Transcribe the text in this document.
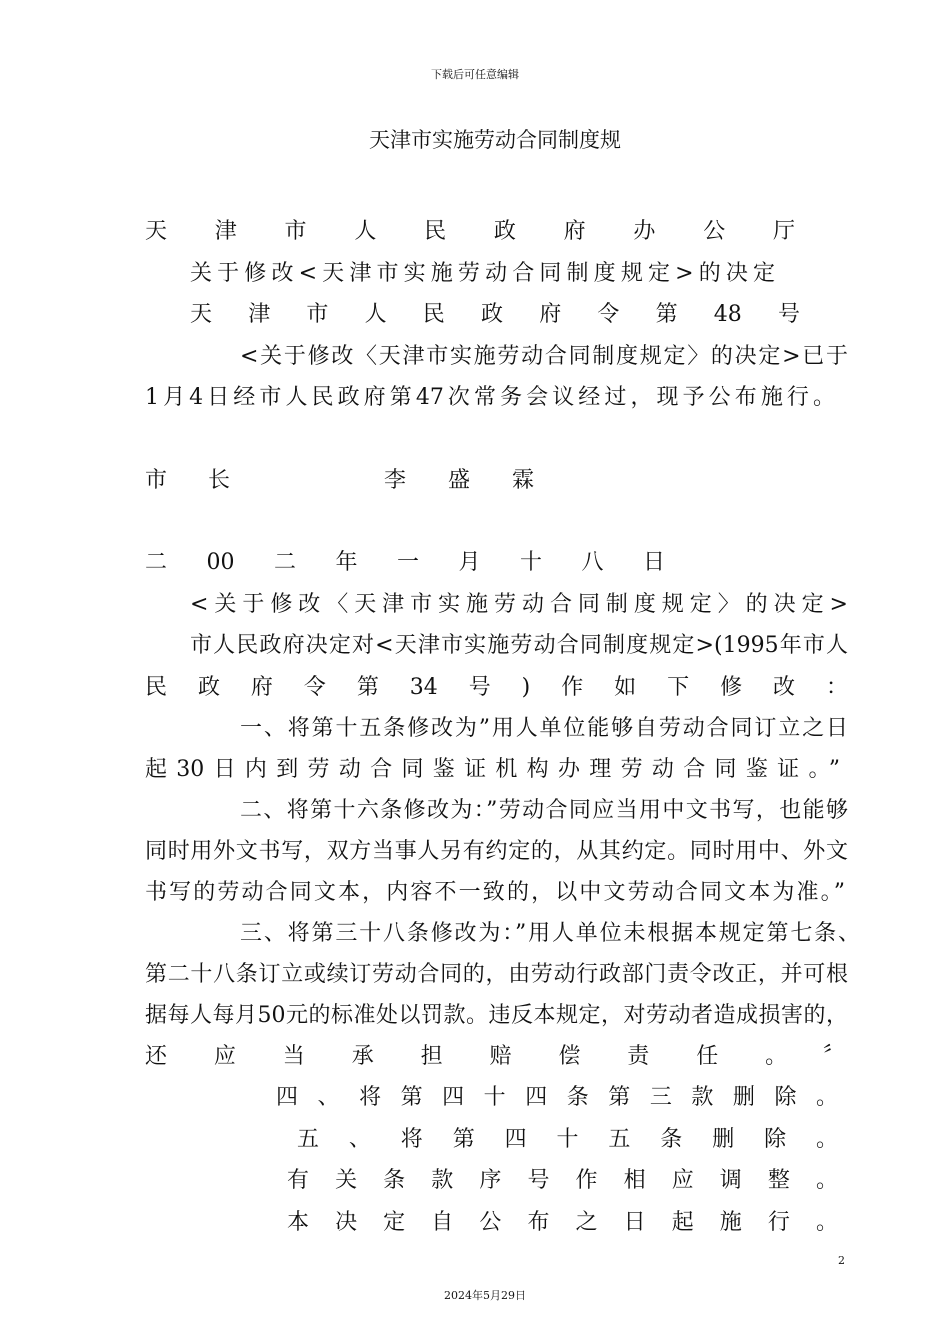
下载后可任意编辑
天津市实施劳动合同制度规
天津市人民政府办公厅
关于修改<天津市实施劳动合同制度规定>的决定
天津市人民政府令第48号
<关于修改〈天津市实施劳动合同制度规定〉的决定>已于
1月4日经市人民政府第47次常务会议经过，现予公布施行。
市长	李盛霖
二00二年一月十八日
<关于修改〈天津市实施劳动合同制度规定〉的决定>
市人民政府决定对<天津市实施劳动合同制度规定>(1995年市人
民政府令第34号)作如下修改：
一、将第十五条修改为”用人单位能够自劳动合同订立之日
起30日内到劳动合同鉴证机构办理劳动合同鉴证。”
二、将第十六条修改为：”劳动合同应当用中文书写，也能够
同时用外文书写，双方当事人另有约定的，从其约定。同时用中、外文
书写的劳动合同文本，内容不一致的，以中文劳动合同文本为准。”
三、将第三十八条修改为：”用人单位未根据本规定第七条、
第二十八条订立或续订劳动合同的，由劳动行政部门责令改正，并可根
据每人每月50元的标准处以罚款。违反本规定，对劳动者造成损害的，
还应当承担赔偿责任。〞
四、将第四十四条第三款删除。
五、将第四十五条删除。
有关条款序号作相应调整。
本决定自公布之日起施行。
2
2024年5月29日
